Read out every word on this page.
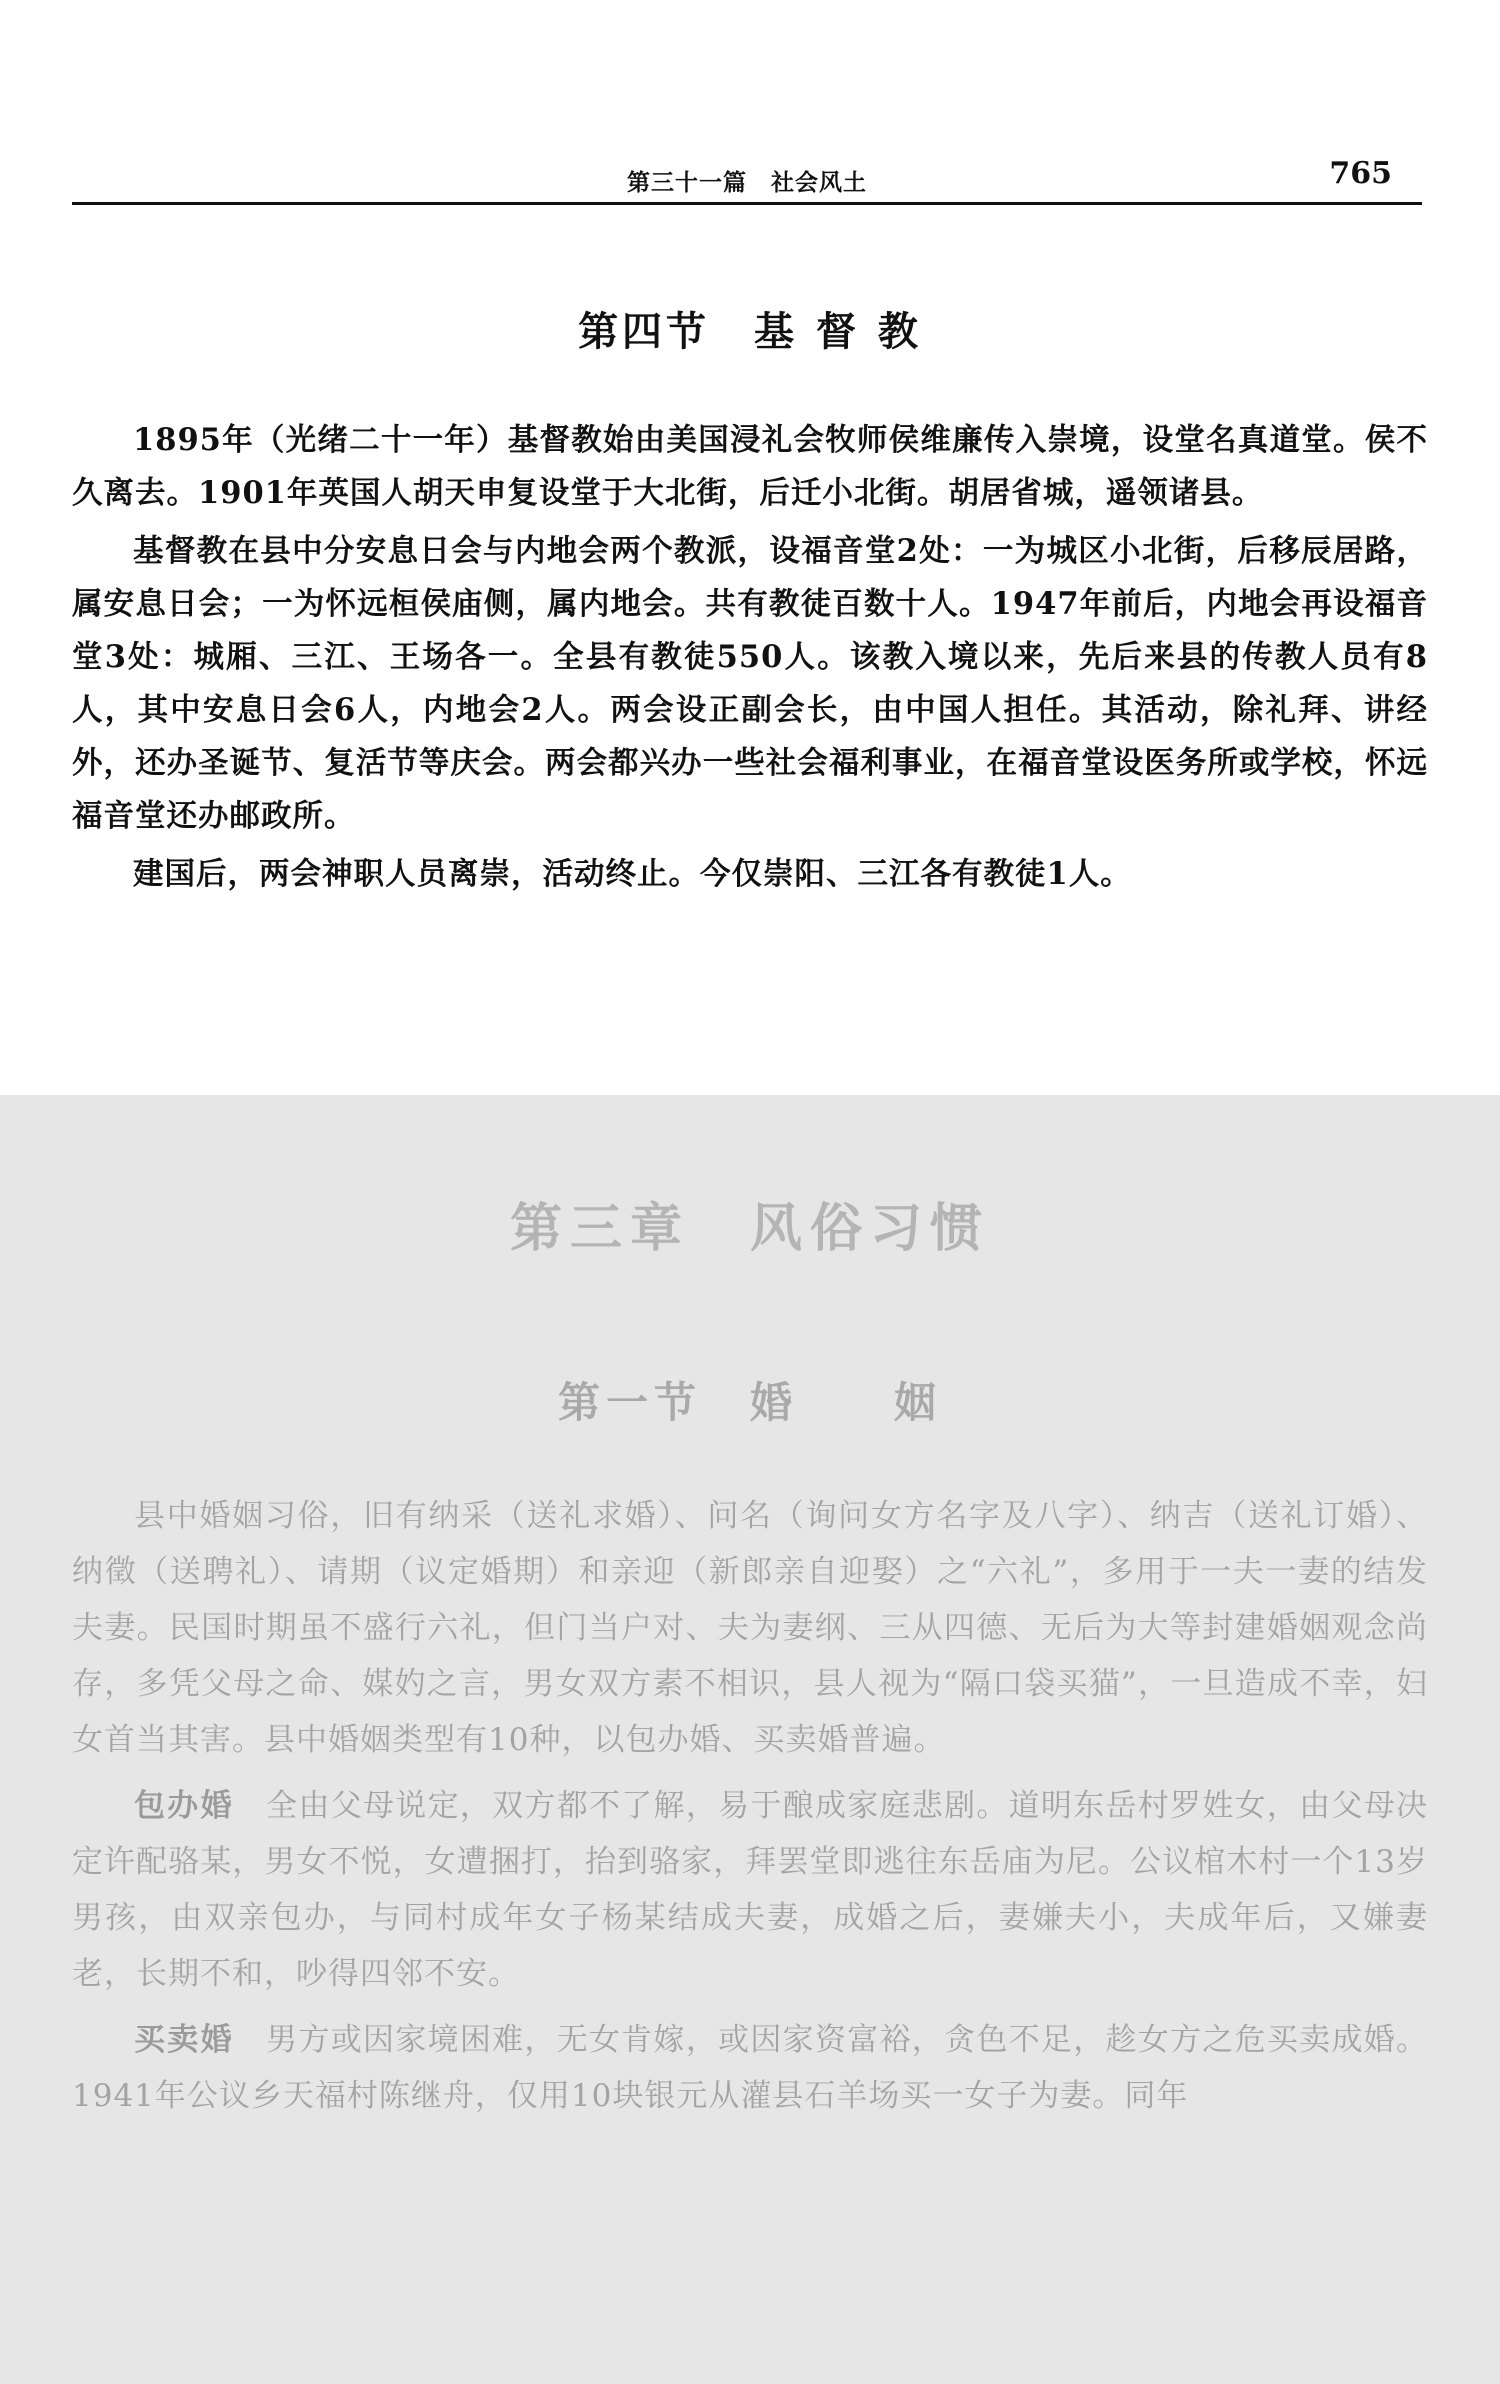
第三十一篇　社会风土	765
第四节　基 督 教

1895年（光绪二十一年）基督教始由美国浸礼会牧师侯维廉传入崇境，设堂名真道堂。侯不久离去。1901年英国人胡天申复设堂于大北街，后迁小北街。胡居省城，遥领诸县。

基督教在县中分安息日会与内地会两个教派，设福音堂2处：一为城区小北街，后移辰居路，属安息日会；一为怀远桓侯庙侧，属内地会。共有教徒百数十人。1947年前后，内地会再设福音堂3处：城厢、三江、王场各一。全县有教徒550人。该教入境以来，先后来县的传教人员有8人，其中安息日会6人，内地会2人。两会设正副会长，由中国人担任。其活动，除礼拜、讲经外，还办圣诞节、复活节等庆会。两会都兴办一些社会福利事业，在福音堂设医务所或学校，怀远福音堂还办邮政所。

建国后，两会神职人员离崇，活动终止。今仅崇阳、三江各有教徒1人。

第三章　风俗习惯
第一节　婚　　姻

县中婚姻习俗，旧有纳采（送礼求婚）、问名（询问女方名字及八字）、纳吉（送礼订婚）、纳徵（送聘礼）、请期（议定婚期）和亲迎（新郎亲自迎娶）之“六礼”，多用于一夫一妻的结发夫妻。民国时期虽不盛行六礼，但门当户对、夫为妻纲、三从四德、无后为大等封建婚姻观念尚存，多凭父母之命、媒妁之言，男女双方素不相识，县人视为“隔口袋买猫”，一旦造成不幸，妇女首当其害。县中婚姻类型有10种，以包办婚、买卖婚普遍。

包办婚　 全由父母说定，双方都不了解，易于酿成家庭悲剧。道明东岳村罗姓女，由父母决定许配骆某，男女不悦，女遭捆打，抬到骆家，拜罢堂即逃往东岳庙为尼。公议棺木村一个13岁男孩，由双亲包办，与同村成年女子杨某结成夫妻，成婚之后，妻嫌夫小，夫成年后，又嫌妻老，长期不和，吵得四邻不安。

买卖婚　 男方或因家境困难，无女肯嫁，或因家资富裕，贪色不足，趁女方之危买卖成婚。1941年公议乡天福村陈继舟，仅用10块银元从灌县石羊场买一女子为妻。同年
